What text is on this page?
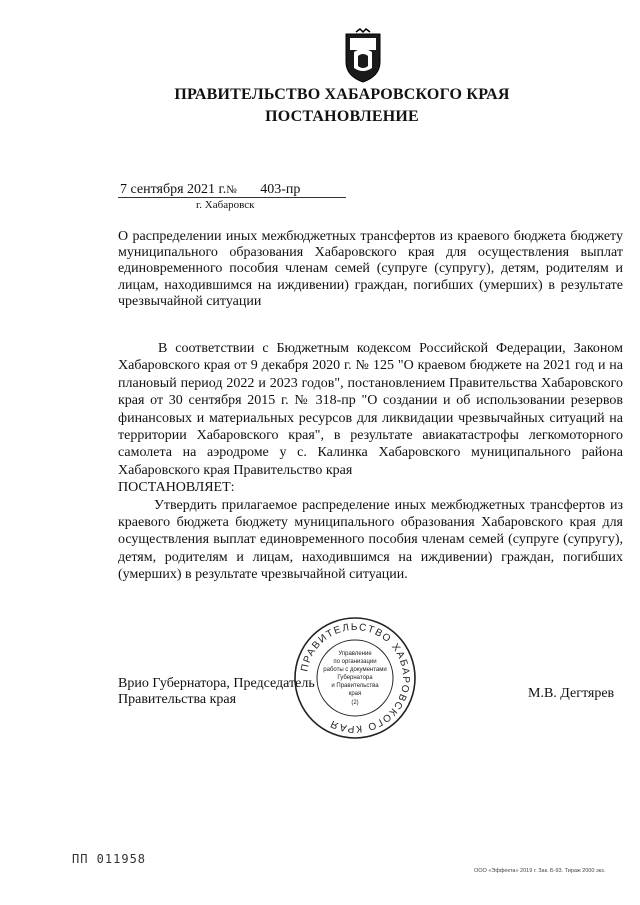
ПРАВИТЕЛЬСТВО ХАБАРОВСКОГО КРАЯ
ПОСТАНОВЛЕНИЕ
7 сентября 2021 г.№ 403-пр
г. Хабаровск
О распределении иных межбюджетных трансфертов из краевого бюджета бюджету муниципального образования Хабаровского края для осуществления выплат единовременного пособия членам семей (супруге (супругу), детям, родителям и лицам, находившимся на иждивении) граждан, погибших (умерших) в результате чрезвычайной ситуации

В соответствии с Бюджетным кодексом Российской Федерации, Законом Хабаровского края от 9 декабря 2020 г. № 125 "О краевом бюджете на 2021 год и на плановый период 2022 и 2023 годов", постановлением Правительства Хабаровского края от 30 сентября 2015 г. № 318-пр "О создании и об использовании резервов финансовых и материальных ресурсов для ликвидации чрезвычайных ситуаций на территории Хабаровского края", в результате авиакатастрофы легкомоторного самолета на аэродроме у с. Калинка Хабаровского муниципального района Хабаровского края Правительство края

ПОСТАНОВЛЯЕТ:

Утвердить прилагаемое распределение иных межбюджетных трансфертов из краевого бюджета бюджету муниципального образования Хабаровского края для осуществления выплат единовременного пособия членам семей (супруге (супругу), детям, родителям и лицам, находившимся на иждивении) граждан, погибших (умерших) в результате чрезвычайной ситуации.

Врио Губернатора, Председатель
Правительства края	М.В. Дегтярев
ПРАВИТЕЛЬСТВО ХАБАРОВСКОГО КРАЯ
Управление
по организации
работы с документами
Губернатора
и Правительства
края
(2)
ПП 011958
ООО «Эффекта» 2019 г. Зак. Б-93. Тираж 2000 экз.
